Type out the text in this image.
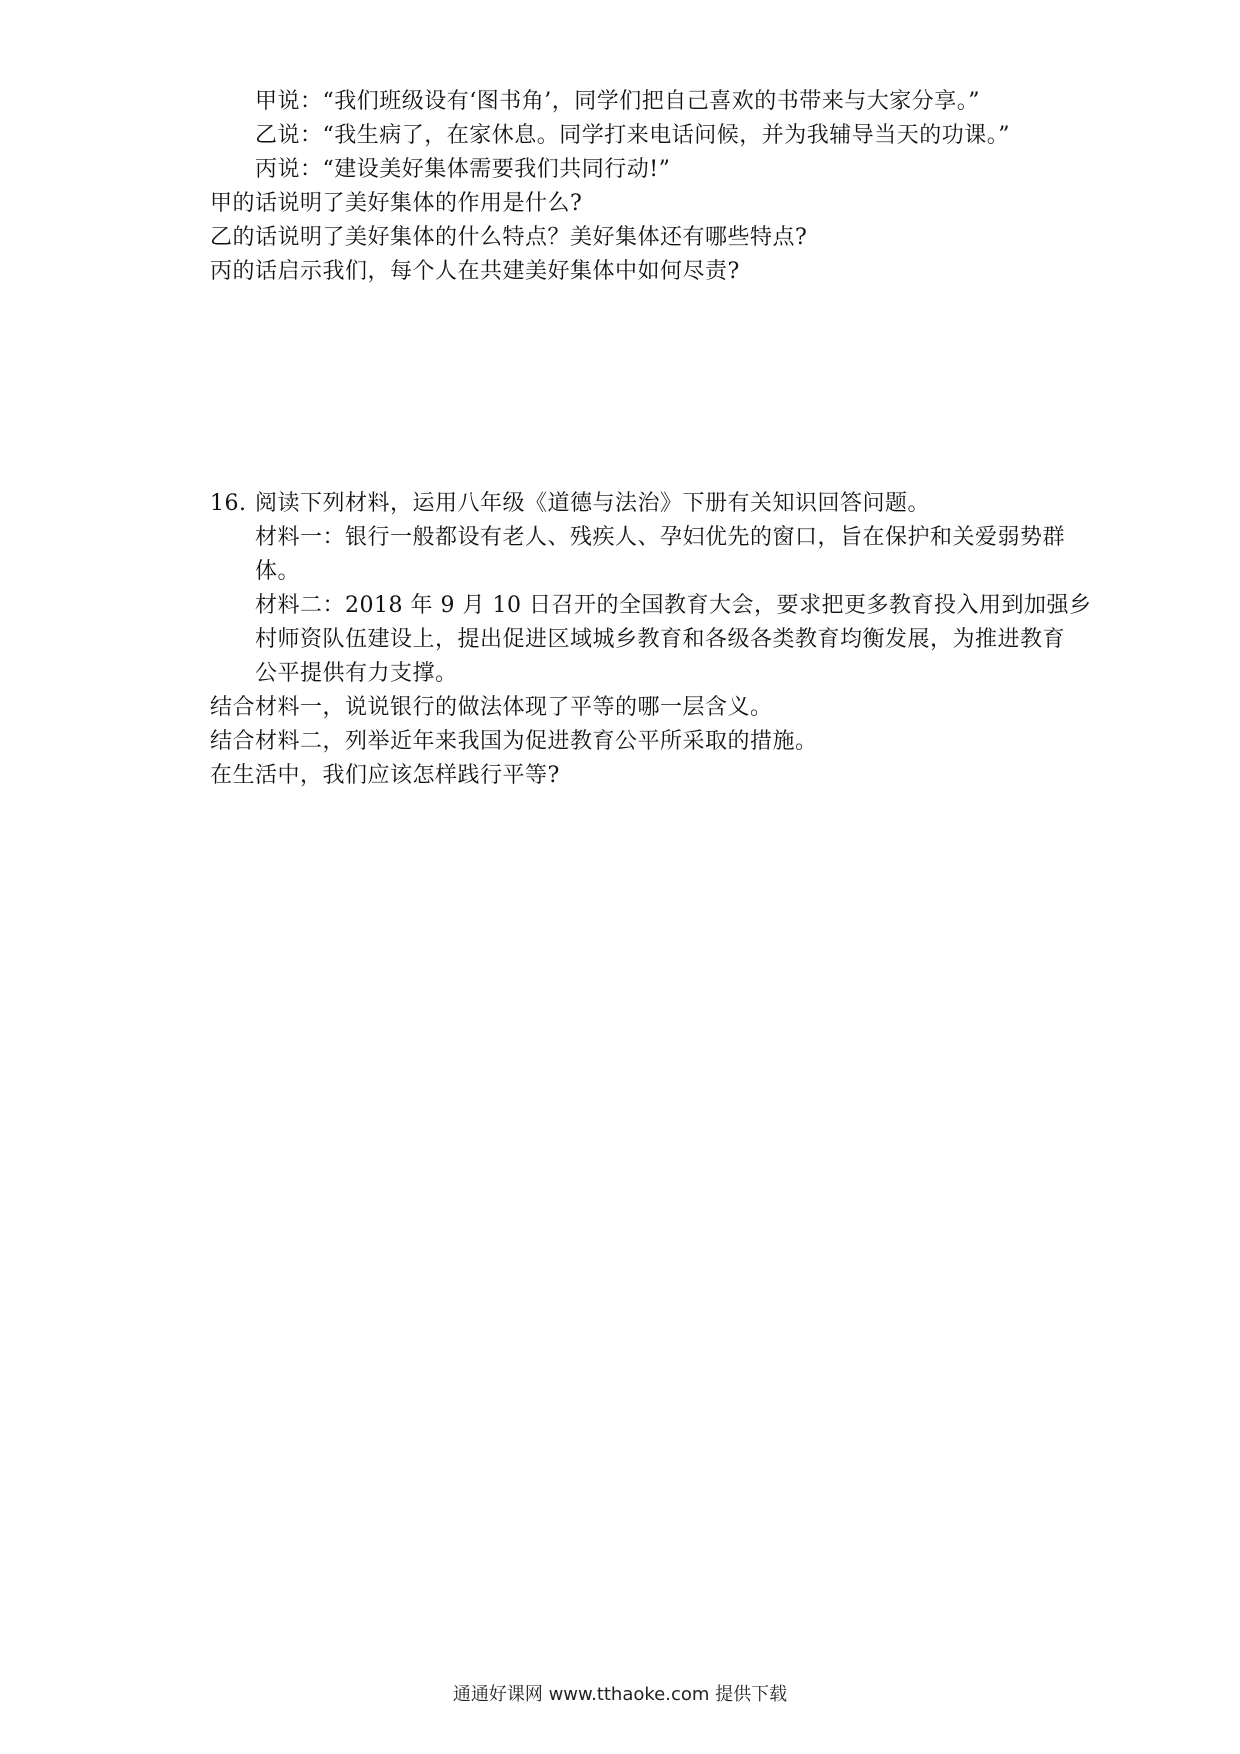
甲说：“我们班级设有‘图书角’，同学们把自己喜欢的书带来与大家分享。”
乙说：“我生病了，在家休息。同学打来电话问候，并为我辅导当天的功课。”
丙说：“建设美好集体需要我们共同行动!”
甲的话说明了美好集体的作用是什么?
乙的话说明了美好集体的什么特点？美好集体还有哪些特点?
丙的话启示我们，每个人在共建美好集体中如何尽责?
16. 阅读下列材料，运用八年级《道德与法治》下册有关知识回答问题。
材料一：银行一般都设有老人、残疾人、孕妇优先的窗口，旨在保护和关爱弱势群
体。
材料二：2018 年 9 月 10 日召开的全国教育大会，要求把更多教育投入用到加强乡
村师资队伍建设上，提出促进区域城乡教育和各级各类教育均衡发展，为推进教育
公平提供有力支撑。
结合材料一，说说银行的做法体现了平等的哪一层含义。
结合材料二，列举近年来我国为促进教育公平所采取的措施。
在生活中，我们应该怎样践行平等?
通通好课网 www.tthaoke.com 提供下载
